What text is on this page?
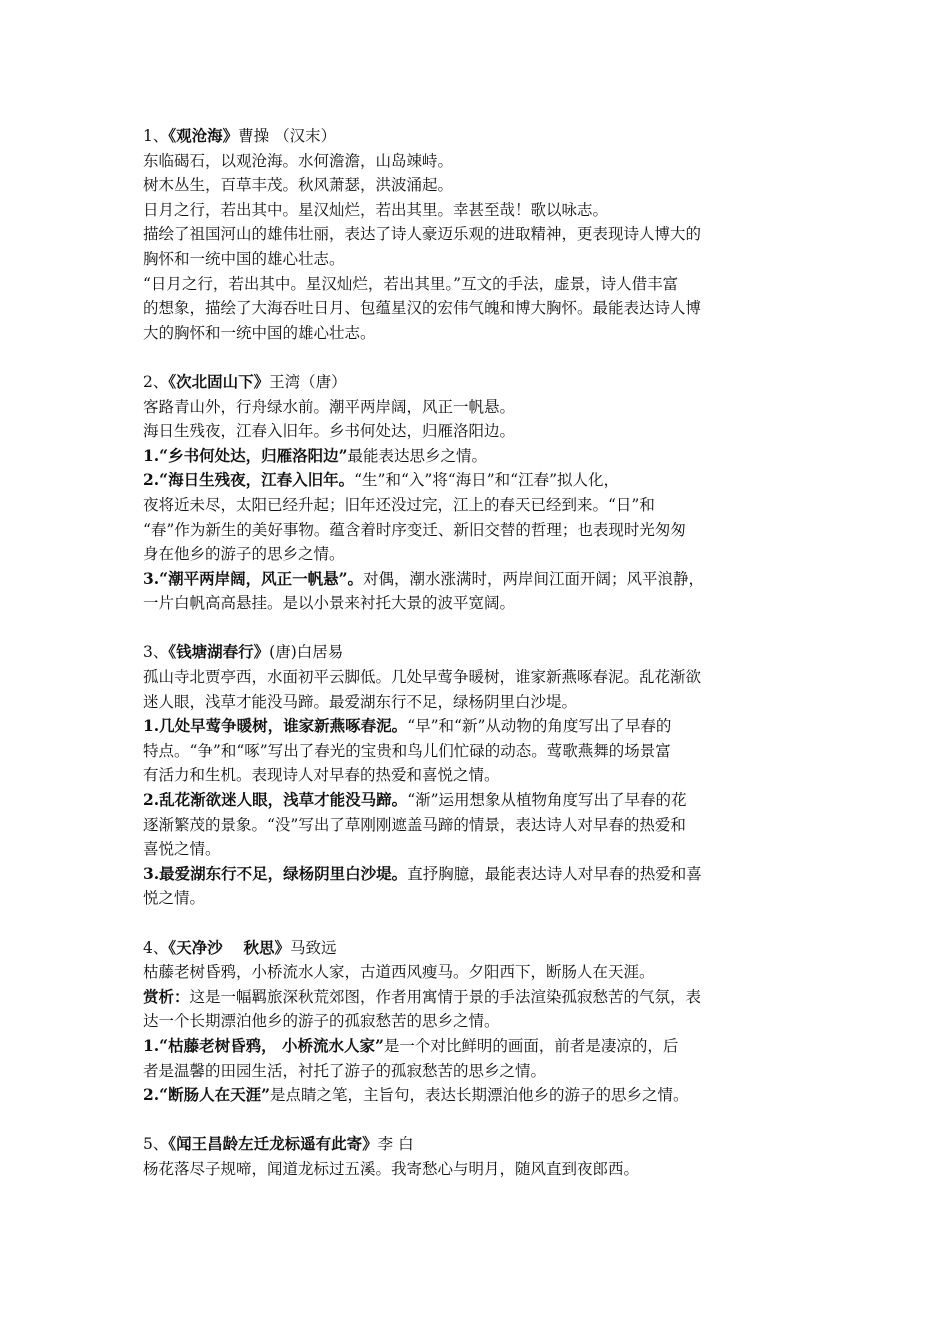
1、《观沧海》曹操 （汉末）
东临碣石，以观沧海。水何澹澹，山岛竦峙。
树木丛生，百草丰茂。秋风萧瑟，洪波涌起。
日月之行，若出其中。星汉灿烂，若出其里。幸甚至哉！歌以咏志。
描绘了祖国河山的雄伟壮丽，表达了诗人豪迈乐观的进取精神，更表现诗人博大的
胸怀和一统中国的雄心壮志。
“日月之行，若出其中。星汉灿烂，若出其里。”互文的手法，虚景，诗人借丰富
的想象，描绘了大海吞吐日月、包蕴星汉的宏伟气魄和博大胸怀。最能表达诗人博
大的胸怀和一统中国的雄心壮志。
2、《次北固山下》王湾（唐）
客路青山外，行舟绿水前。潮平两岸阔，风正一帆悬。
海日生残夜，江春入旧年。乡书何处达，归雁洛阳边。
1.“乡书何处达，归雁洛阳边”最能表达思乡之情。
2.“海日生残夜，江春入旧年。“生”和“入”将“海日”和“江春”拟人化，
夜将近未尽，太阳已经升起；旧年还没过完，江上的春天已经到来。“日”和
“春”作为新生的美好事物。蕴含着时序变迁、新旧交替的哲理；也表现时光匆匆
身在他乡的游子的思乡之情。
3.“潮平两岸阔，风正一帆悬”。对偶，潮水涨满时，两岸间江面开阔；风平浪静，
一片白帆高高悬挂。是以小景来衬托大景的波平宽阔。
3、《钱塘湖春行》(唐)白居易
孤山寺北贾亭西，水面初平云脚低。几处早莺争暖树，谁家新燕啄春泥。乱花渐欲
迷人眼，浅草才能没马蹄。最爱湖东行不足，绿杨阴里白沙堤。
1.几处早莺争暖树，谁家新燕啄春泥。“早”和“新”从动物的角度写出了早春的
特点。“争”和“啄”写出了春光的宝贵和鸟儿们忙碌的动态。莺歌燕舞的场景富
有活力和生机。表现诗人对早春的热爱和喜悦之情。
2.乱花渐欲迷人眼，浅草才能没马蹄。“渐”运用想象从植物角度写出了早春的花
逐渐繁茂的景象。“没”写出了草刚刚遮盖马蹄的情景，表达诗人对早春的热爱和
喜悦之情。
3.最爱湖东行不足，绿杨阴里白沙堤。直抒胸臆，最能表达诗人对早春的热爱和喜
悦之情。
4、《天净沙　 秋思》马致远
枯藤老树昏鸦，小桥流水人家，古道西风瘦马。夕阳西下，断肠人在天涯。
赏析：这是一幅羁旅深秋荒郊图，作者用寓情于景的手法渲染孤寂愁苦的气氛，表
达一个长期漂泊他乡的游子的孤寂愁苦的思乡之情。
1.“枯藤老树昏鸦， 小桥流水人家”是一个对比鲜明的画面，前者是凄凉的，后
者是温馨的田园生活，衬托了游子的孤寂愁苦的思乡之情。
2.“断肠人在天涯”是点睛之笔，主旨句，表达长期漂泊他乡的游子的思乡之情。
5、《闻王昌龄左迁龙标遥有此寄》李 白
杨花落尽子规啼，闻道龙标过五溪。我寄愁心与明月，随风直到夜郎西。
